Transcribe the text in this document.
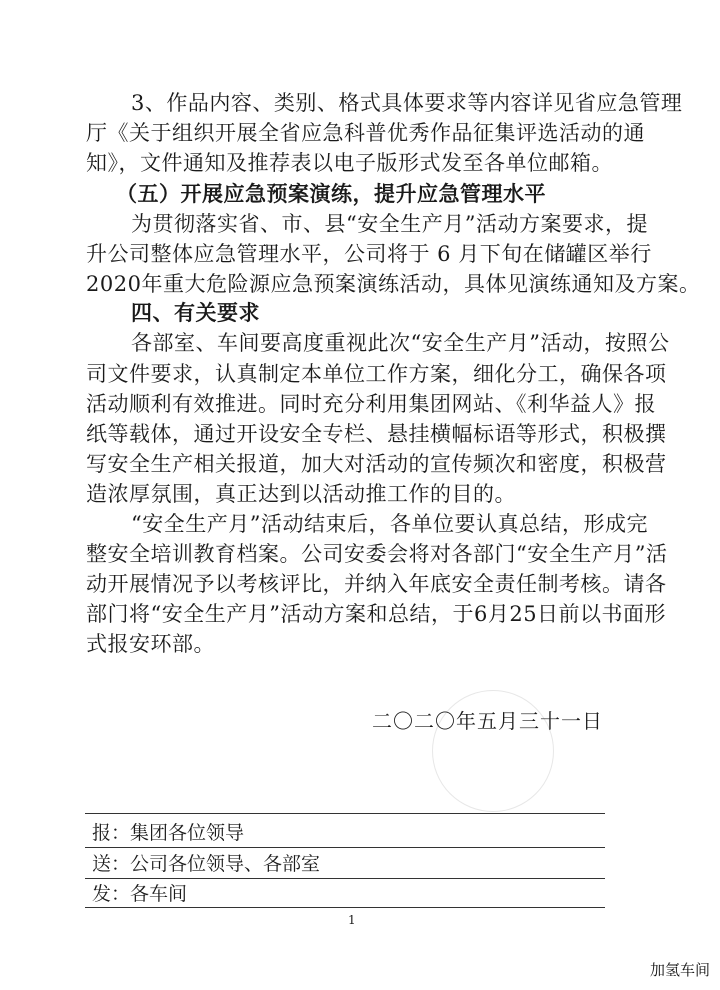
3、作品内容、类别、格式具体要求等内容详见省应急管理
厅《关于组织开展全省应急科普优秀作品征集评选活动的通
知》，文件通知及推荐表以电子版形式发至各单位邮箱。
（五）开展应急预案演练，提升应急管理水平
为贯彻落实省、市、县“安全生产月”活动方案要求，提
升公司整体应急管理水平，公司将于 6 月下旬在储罐区举行
2020年重大危险源应急预案演练活动，具体见演练通知及方案。
四、有关要求
各部室、车间要高度重视此次“安全生产月”活动，按照公
司文件要求，认真制定本单位工作方案，细化分工，确保各项
活动顺利有效推进。同时充分利用集团网站、《利华益人》报
纸等载体，通过开设安全专栏、悬挂横幅标语等形式，积极撰
写安全生产相关报道，加大对活动的宣传频次和密度，积极营
造浓厚氛围，真正达到以活动推工作的目的。
“安全生产月”活动结束后，各单位要认真总结，形成完
整安全培训教育档案。公司安委会将对各部门“安全生产月”活
动开展情况予以考核评比，并纳入年底安全责任制考核。请各
部门将“安全生产月”活动方案和总结，于6月25日前以书面形
式报安环部。
二〇二〇年五月三十一日
报：集团各位领导
送：公司各位领导、各部室
发：各车间
1
加氢车间
